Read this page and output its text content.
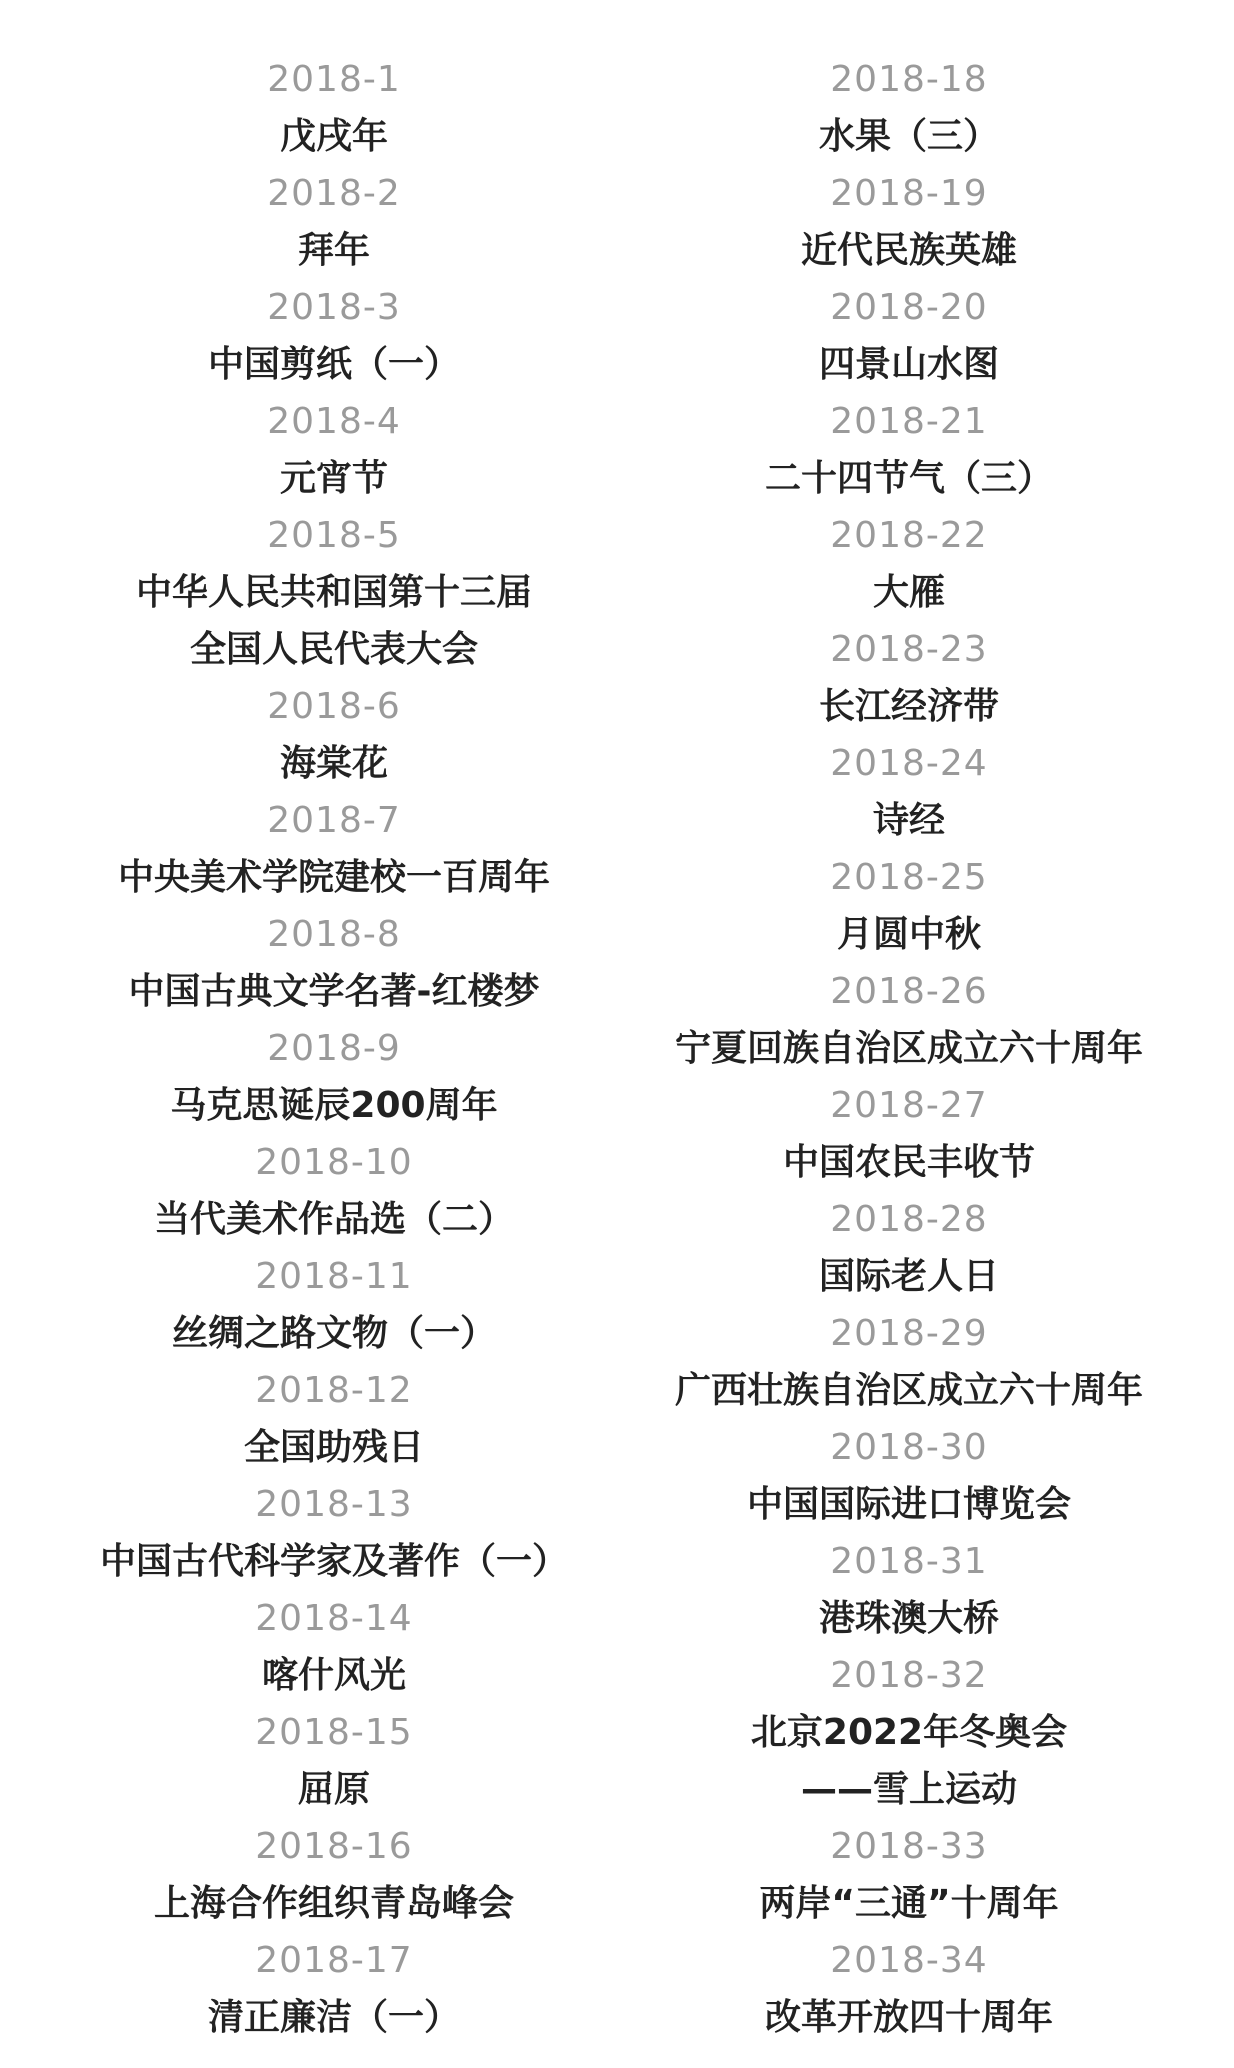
2018-1
戊戌年
2018-2
拜年
2018-3
中国剪纸（一）
2018-4
元宵节
2018-5
中华人民共和国第十三届
全国人民代表大会
2018-6
海棠花
2018-7
中央美术学院建校一百周年
2018-8
中国古典文学名著-红楼梦
2018-9
马克思诞辰200周年
2018-10
当代美术作品选（二）
2018-11
丝绸之路文物（一）
2018-12
全国助残日
2018-13
中国古代科学家及著作（一）
2018-14
喀什风光
2018-15
屈原
2018-16
上海合作组织青岛峰会
2018-17
清正廉洁（一）
2018-18
水果（三）
2018-19
近代民族英雄
2018-20
四景山水图
2018-21
二十四节气（三）
2018-22
大雁
2018-23
长江经济带
2018-24
诗经
2018-25
月圆中秋
2018-26
宁夏回族自治区成立六十周年
2018-27
中国农民丰收节
2018-28
国际老人日
2018-29
广西壮族自治区成立六十周年
2018-30
中国国际进口博览会
2018-31
港珠澳大桥
2018-32
北京2022年冬奥会
——雪上运动
2018-33
两岸“三通”十周年
2018-34
改革开放四十周年
